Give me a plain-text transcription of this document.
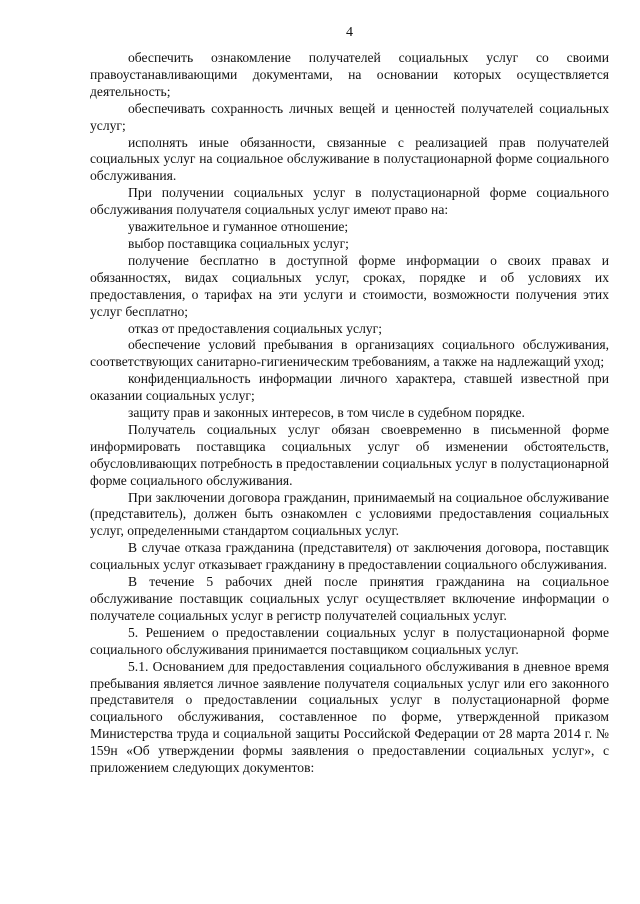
4

обеспечить ознакомление получателей социальных услуг со своими правоустанавливающими документами, на основании которых осуществляется деятельность;

обеспечивать сохранность личных вещей и ценностей получателей социальных услуг;

исполнять иные обязанности, связанные с реализацией прав получателей социальных услуг на социальное обслуживание в полустационарной форме социального обслуживания.

При получении социальных услуг в полустационарной форме социального обслуживания получателя социальных услуг имеют право на:

уважительное и гуманное отношение;

выбор поставщика социальных услуг;

получение бесплатно в доступной форме информации о своих правах и обязанностях, видах социальных услуг, сроках, порядке и об условиях их предоставления, о тарифах на эти услуги и стоимости, возможности получения этих услуг бесплатно;

отказ от предоставления социальных услуг;

обеспечение условий пребывания в организациях социального обслуживания, соответствующих санитарно-гигиеническим требованиям, а также на надлежащий уход;

конфиденциальность информации личного характера, ставшей известной при оказании социальных услуг;

защиту прав и законных интересов, в том числе в судебном порядке.

Получатель социальных услуг обязан своевременно в письменной форме информировать поставщика социальных услуг об изменении обстоятельств, обусловливающих потребность в предоставлении социальных услуг в полустационарной форме социального обслуживания.

При заключении договора гражданин, принимаемый на социальное обслуживание (представитель), должен быть ознакомлен с условиями предоставления социальных услуг, определенными стандартом социальных услуг.

В случае отказа гражданина (представителя) от заключения договора, поставщик социальных услуг отказывает гражданину в предоставлении социального обслуживания.

В течение 5 рабочих дней после принятия гражданина на социальное обслуживание поставщик социальных услуг осуществляет включение информации о получателе социальных услуг в регистр получателей социальных услуг.

5. Решением о предоставлении социальных услуг в полустационарной форме социального обслуживания принимается поставщиком социальных услуг.

5.1. Основанием для предоставления социального обслуживания в дневное время пребывания является личное заявление получателя социальных услуг или его законного представителя о предоставлении социальных услуг в полустационарной форме социального обслуживания, составленное по форме, утвержденной приказом Министерства труда и социальной защиты Российской Федерации от 28 марта 2014 г. № 159н «Об утверждении формы заявления о предоставлении социальных услуг», с приложением следующих документов:
